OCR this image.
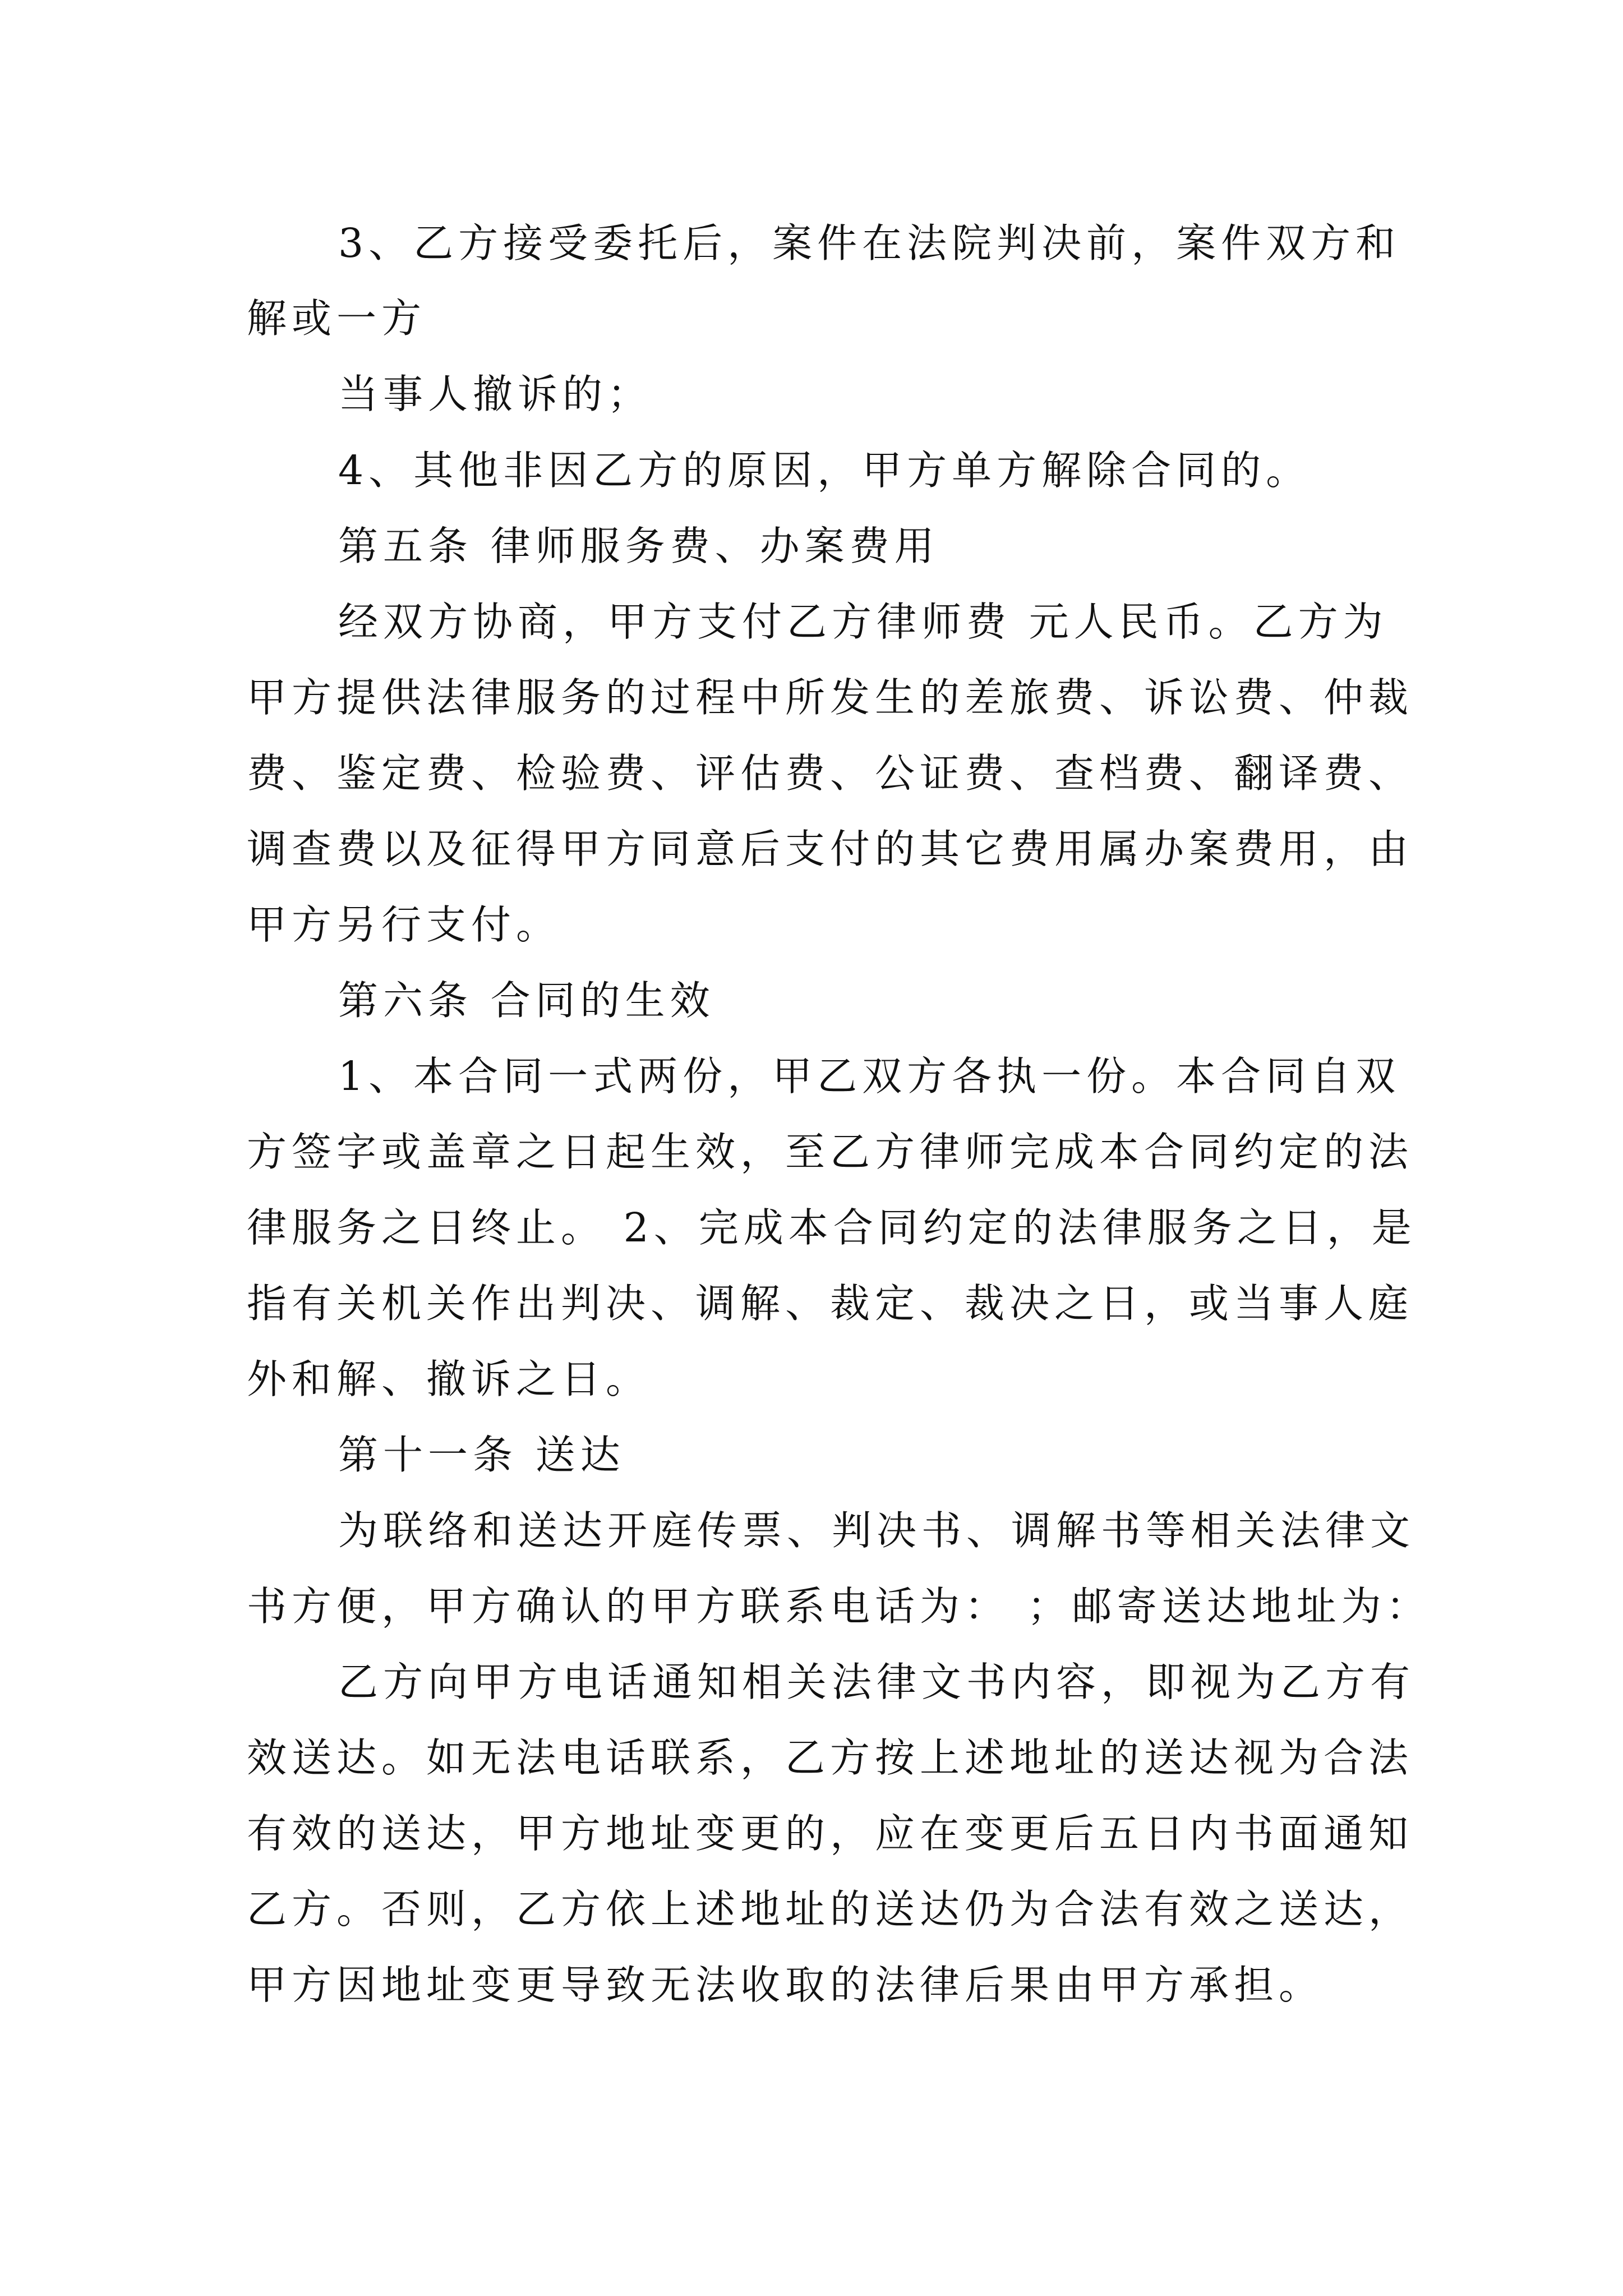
3、乙方接受委托后，案件在法院判决前，案件双方和

解或一方

当事人撤诉的；

4、其他非因乙方的原因，甲方单方解除合同的。

第五条 律师服务费、办案费用

经双方协商，甲方支付乙方律师费 元人民币。乙方为

甲方提供法律服务的过程中所发生的差旅费、诉讼费、仲裁

费、鉴定费、检验费、评估费、公证费、查档费、翻译费、

调查费以及征得甲方同意后支付的其它费用属办案费用，由

甲方另行支付。

第六条 合同的生效

1、本合同一式两份，甲乙双方各执一份。本合同自双

方签字或盖章之日起生效，至乙方律师完成本合同约定的法

律服务之日终止。 2、完成本合同约定的法律服务之日，是

指有关机关作出判决、调解、裁定、裁决之日，或当事人庭

外和解、撤诉之日。

第十一条 送达

为联络和送达开庭传票、判决书、调解书等相关法律文

书方便，甲方确认的甲方联系电话为： ；邮寄送达地址为：

乙方向甲方电话通知相关法律文书内容，即视为乙方有

效送达。如无法电话联系，乙方按上述地址的送达视为合法

有效的送达，甲方地址变更的，应在变更后五日内书面通知

乙方。否则，乙方依上述地址的送达仍为合法有效之送达，

甲方因地址变更导致无法收取的法律后果由甲方承担。
